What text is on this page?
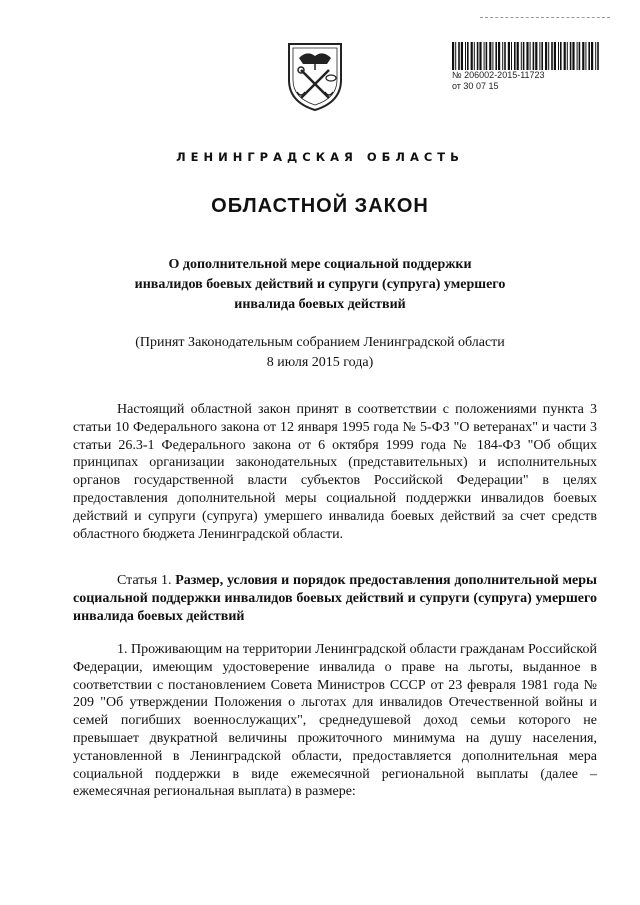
№ 206002-2015-11723
от 30 07 15
ЛЕНИНГРАДСКАЯ ОБЛАСТЬ
ОБЛАСТНОЙ ЗАКОН
О дополнительной мере социальной поддержки
инвалидов боевых действий и супруги (супруга) умершего
инвалида боевых действий
(Принят Законодательным собранием Ленинградской области
8 июля 2015 года)

Настоящий областной закон принят в соответствии с положениями пункта 3 статьи 10 Федерального закона от 12 января 1995 года № 5-ФЗ "О ветеранах" и части 3 статьи 26.3-1 Федерального закона от 6 октября 1999 года № 184-ФЗ "Об общих принципах организации законодательных (представительных) и исполнительных органов государственной власти субъектов Российской Федерации" в целях предоставления дополнительной меры социальной поддержки инвалидов боевых действий и супруги (супруга) умершего инвалида боевых действий за счет средств областного бюджета Ленинградской области.

Статья 1. Размер, условия и порядок предоставления дополнительной меры социальной поддержки инвалидов боевых действий и супруги (супруга) умершего инвалида боевых действий

1. Проживающим на территории Ленинградской области гражданам Российской Федерации, имеющим удостоверение инвалида о праве на льготы, выданное в соответствии с постановлением Совета Министров СССР от 23 февраля 1981 года № 209 "Об утверждении Положения о льготах для инвалидов Отечественной войны и семей погибших военнослужащих", среднедушевой доход семьи которого не превышает двукратной величины прожиточного минимума на душу населения, установленной в Ленинградской области, предоставляется дополнительная мера социальной поддержки в виде ежемесячной региональной выплаты (далее – ежемесячная региональная выплата) в размере:
